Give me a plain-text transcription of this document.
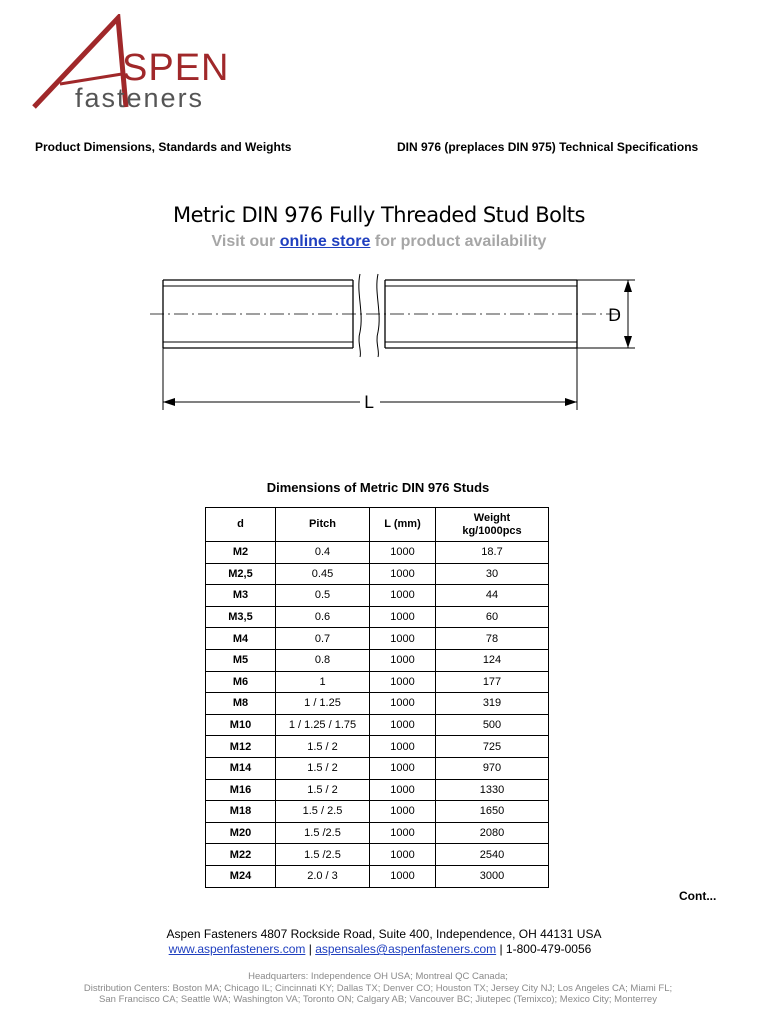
SPEN
fasteners
Product Dimensions, Standards and Weights	DIN 976 (preplaces DIN 975) Technical Specifications
Metric DIN 976 Fully Threaded Stud Bolts
Visit our online store for product availability
D
L
Dimensions of Metric DIN 976 Studs
d	Pitch	L (mm)	Weight
kg/1000pcs
M2	0.4	1000	18.7
M2,5	0.45	1000	30
M3	0.5	1000	44
M3,5	0.6	1000	60
M4	0.7	1000	78
M5	0.8	1000	124
M6	1	1000	177
M8	1 / 1.25	1000	319
M10	1 / 1.25 / 1.75	1000	500
M12	1.5 / 2	1000	725
M14	1.5 / 2	1000	970
M16	1.5 / 2	1000	1330
M18	1.5 / 2.5	1000	1650
M20	1.5 /2.5	1000	2080
M22	1.5 /2.5	1000	2540
M24	2.0 / 3	1000	3000
Cont...
Aspen Fasteners 4807 Rockside Road, Suite 400, Independence, OH 44131 USA
www.aspenfasteners.com | aspensales@aspenfasteners.com | 1-800-479-0056
Headquarters: Independence OH USA; Montreal QC Canada;
Distribution Centers: Boston MA; Chicago IL; Cincinnati KY; Dallas TX; Denver CO; Houston TX; Jersey City NJ; Los Angeles CA; Miami FL;
San Francisco CA; Seattle WA; Washington VA; Toronto ON; Calgary AB; Vancouver BC; Jiutepec (Temixco); Mexico City; Monterrey
